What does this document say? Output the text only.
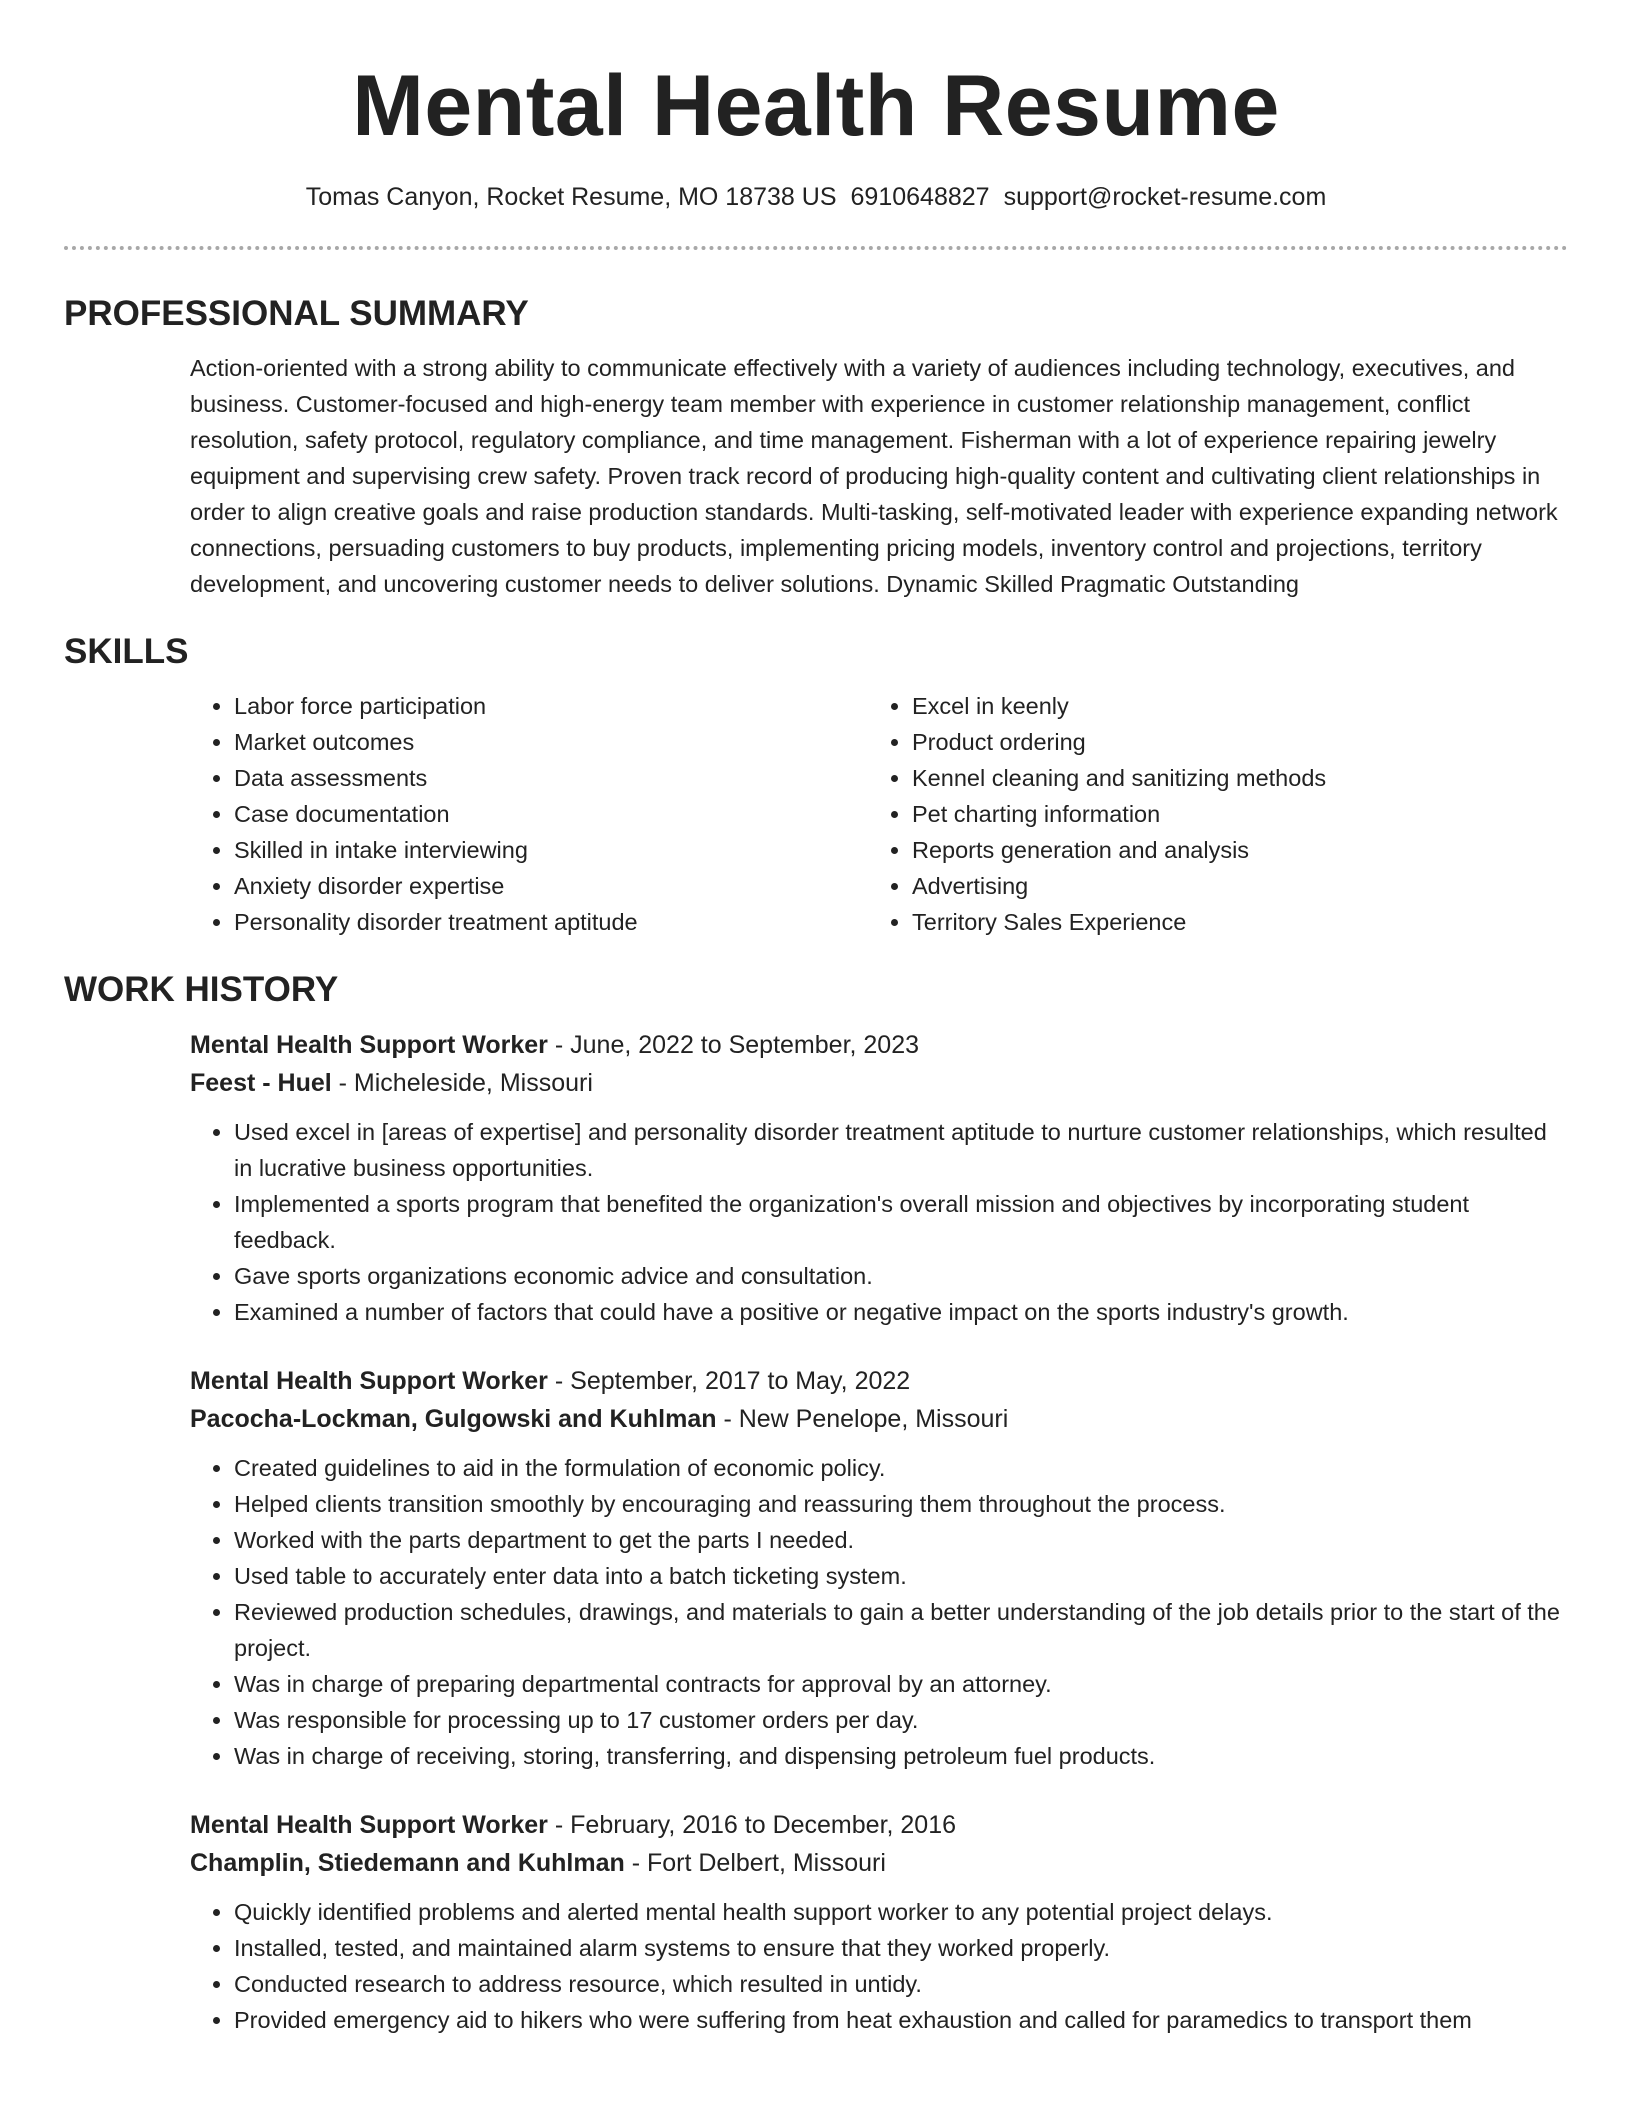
Mental Health Resume
Tomas Canyon, Rocket Resume, MO 18738 US 6910648827 support@rocket-resume.com
PROFESSIONAL SUMMARY

Action-oriented with a strong ability to communicate effectively with a variety of audiences including technology, executives, and business. Customer-focused and high-energy team member with experience in customer relationship management, conflict resolution, safety protocol, regulatory compliance, and time management. Fisherman with a lot of experience repairing jewelry equipment and supervising crew safety. Proven track record of producing high-quality content and cultivating client relationships in order to align creative goals and raise production standards. Multi-tasking, self-motivated leader with experience expanding network connections, persuading customers to buy products, implementing pricing models, inventory control and projections, territory development, and uncovering customer needs to deliver solutions. Dynamic Skilled Pragmatic Outstanding

SKILLS
• Labor force participation
• Market outcomes
• Data assessments
• Case documentation
• Skilled in intake interviewing
• Anxiety disorder expertise
• Personality disorder treatment aptitude
• Excel in keenly
• Product ordering
• Kennel cleaning and sanitizing methods
• Pet charting information
• Reports generation and analysis
• Advertising
• Territory Sales Experience
WORK HISTORY
Mental Health Support Worker - June, 2022 to September, 2023
Feest - Huel - Micheleside, Missouri
• Used excel in [areas of expertise] and personality disorder treatment aptitude to nurture customer relationships, which resulted in lucrative business opportunities.
• Implemented a sports program that benefited the organization's overall mission and objectives by incorporating student feedback.
• Gave sports organizations economic advice and consultation.
• Examined a number of factors that could have a positive or negative impact on the sports industry's growth.
Mental Health Support Worker - September, 2017 to May, 2022
Pacocha-Lockman, Gulgowski and Kuhlman - New Penelope, Missouri
• Created guidelines to aid in the formulation of economic policy.
• Helped clients transition smoothly by encouraging and reassuring them throughout the process.
• Worked with the parts department to get the parts I needed.
• Used table to accurately enter data into a batch ticketing system.
• Reviewed production schedules, drawings, and materials to gain a better understanding of the job details prior to the start of the project.
• Was in charge of preparing departmental contracts for approval by an attorney.
• Was responsible for processing up to 17 customer orders per day.
• Was in charge of receiving, storing, transferring, and dispensing petroleum fuel products.
Mental Health Support Worker - February, 2016 to December, 2016
Champlin, Stiedemann and Kuhlman - Fort Delbert, Missouri
• Quickly identified problems and alerted mental health support worker to any potential project delays.
• Installed, tested, and maintained alarm systems to ensure that they worked properly.
• Conducted research to address resource, which resulted in untidy.
• Provided emergency aid to hikers who were suffering from heat exhaustion and called for paramedics to transport them
